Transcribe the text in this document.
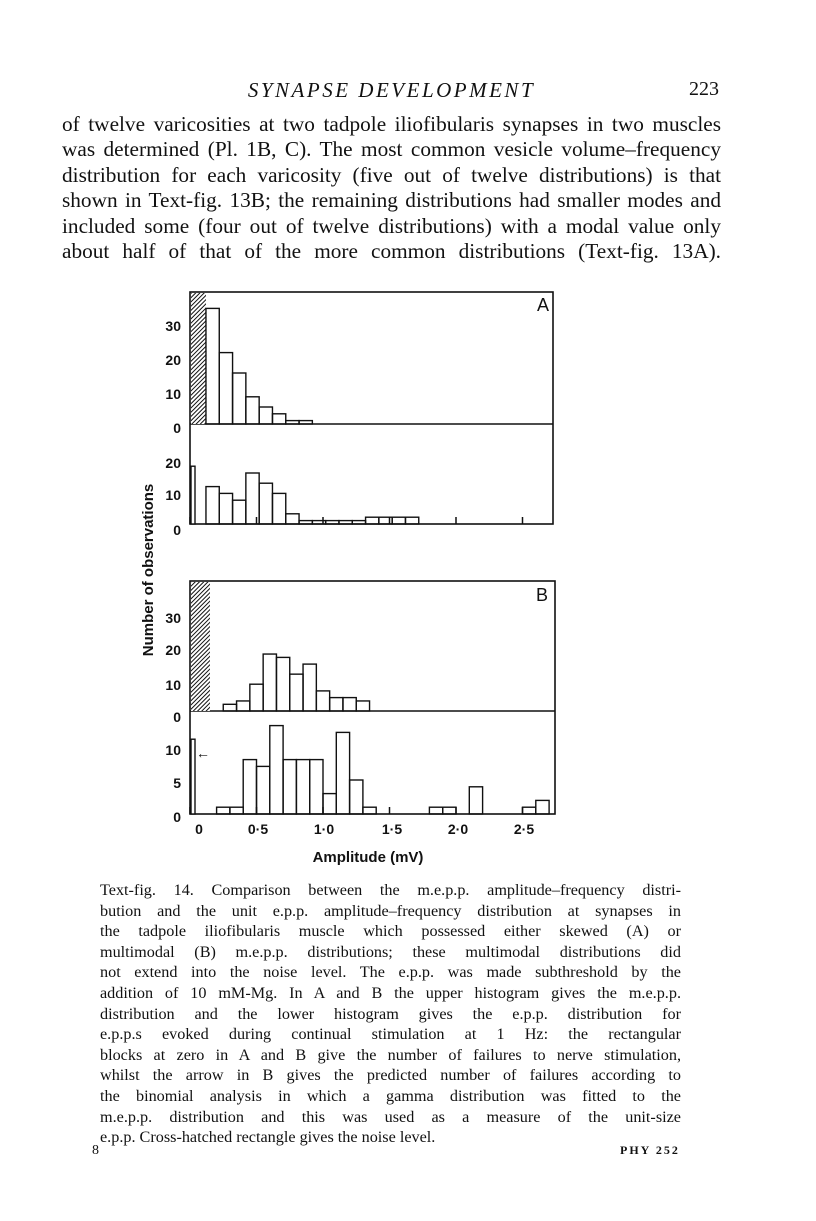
SYNAPSE DEVELOPMENT	223

of twelve varicosities at two tadpole iliofibularis synapses in two muscles
was determined (Pl. 1B, C). The most common vesicle volume–frequency
distribution for each varicosity (five out of twelve distributions) is that
shown in Text-fig. 13B; the remaining distributions had smaller modes and
included some (four out of twelve distributions) with a modal value only
about half of that of the more common distributions (Text-fig. 13A).

0
10
20
30
0
10
20
0
10
20
30
0
5
10 ←
A
B
Number of observations
Amplitude (mV)
0	0·5	1·0	1·5	2·0	2·5

Text-fig. 14. Comparison between the m.e.p.p. amplitude–frequency distri-
bution and the unit e.p.p. amplitude–frequency distribution at synapses in
the tadpole iliofibularis muscle which possessed either skewed (A) or
multimodal (B) m.e.p.p. distributions; these multimodal distributions did
not extend into the noise level. The e.p.p. was made subthreshold by the
addition of 10 mM-Mg. In A and B the upper histogram gives the m.e.p.p.
distribution and the lower histogram gives the e.p.p. distribution for
e.p.p.s evoked during continual stimulation at 1 Hz: the rectangular
blocks at zero in A and B give the number of failures to nerve stimulation,
whilst the arrow in B gives the predicted number of failures according to
the binomial analysis in which a gamma distribution was fitted to the
m.e.p.p. distribution and this was used as a measure of the unit-size
e.p.p. Cross-hatched rectangle gives the noise level.

8	PHY 252
